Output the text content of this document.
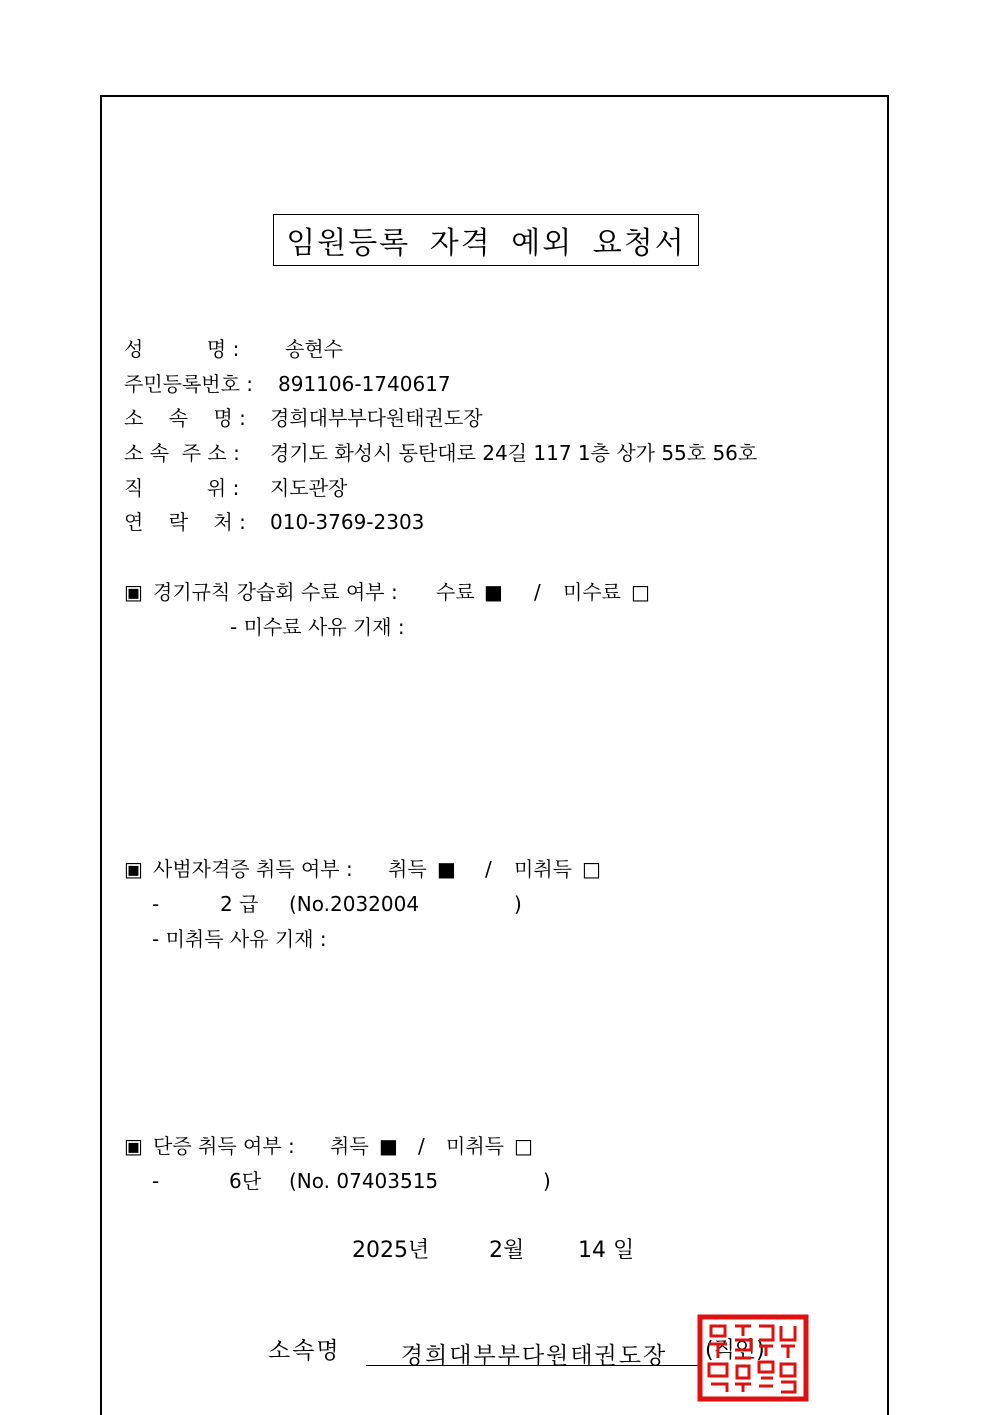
임원등록 자격 예외 요청서
성          명 : 송현수
주민등록번호 : 891106-1740617
소    속    명 : 경희대부부다원태권도장
소 속  주 소 : 경기도 화성시 동탄대로 24길 117 1층 상가 55호 56호
직          위 : 지도관장
연    락    처 : 010-3769-2303
▣ 경기규칙 강습회 수료 여부 : 수료 ■ / 미수료 □
- 미수료 사유 기재 :
▣ 사범자격증 취득 여부 : 취득 ■ / 미취득 □
-	2 급 (No.2032004	)
- 미취득 사유 기재 :
▣ 단증 취득 여부 : 취득 ■ / 미취득 □
-	6단 (No. 07403515	)
2025년	2월 14 일
소속명	경희대부부다원태권도장	(직인)
